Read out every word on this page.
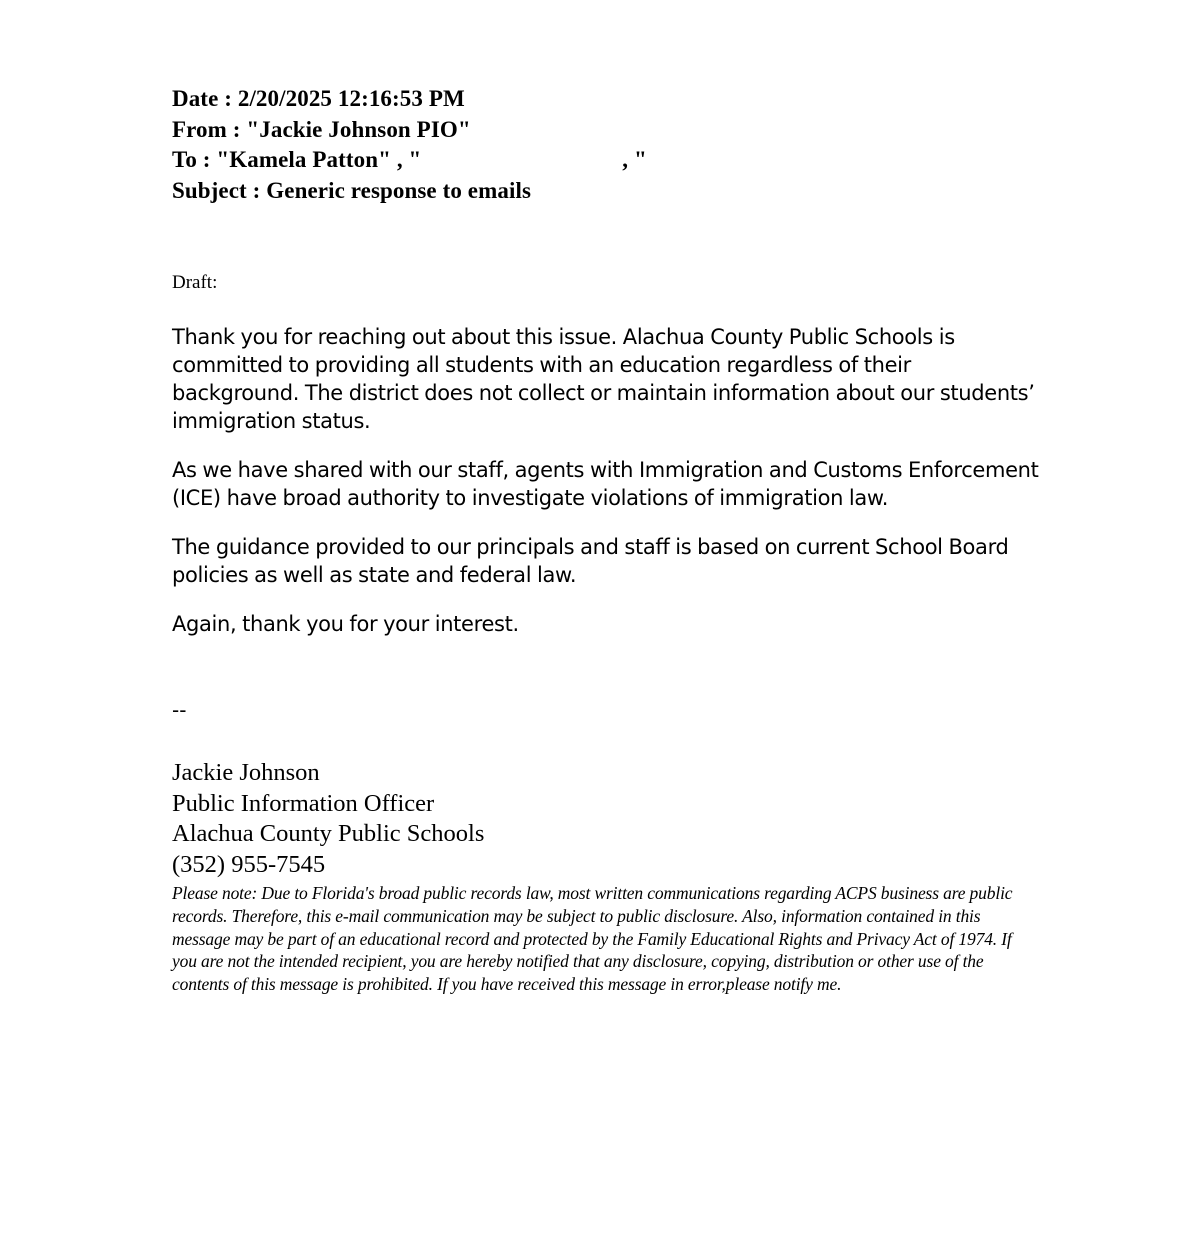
Date : 2/20/2025 12:16:53 PM
From : "Jackie Johnson PIO"
To : "Kamela Patton" , "	, "
Subject : Generic response to emails
Draft:

Thank you for reaching out about this issue. Alachua County Public Schools is committed to providing all students with an education regardless of their background. The district does not collect or maintain information about our students’ immigration status.

As we have shared with our staff, agents with Immigration and Customs Enforcement (ICE) have broad authority to investigate violations of immigration law.

The guidance provided to our principals and staff is based on current School Board policies as well as state and federal law.

Again, thank you for your interest.

--
Jackie Johnson
Public Information Officer
Alachua County Public Schools
(352) 955-7545
Please note: Due to Florida's broad public records law, most written communications regarding ACPS business are public records. Therefore, this e-mail communication may be subject to public disclosure. Also, information contained in this message may be part of an educational record and protected by the Family Educational Rights and Privacy Act of 1974. If you are not the intended recipient, you are hereby notified that any disclosure, copying, distribution or other use of the contents of this message is prohibited. If you have received this message in error,please notify me.
